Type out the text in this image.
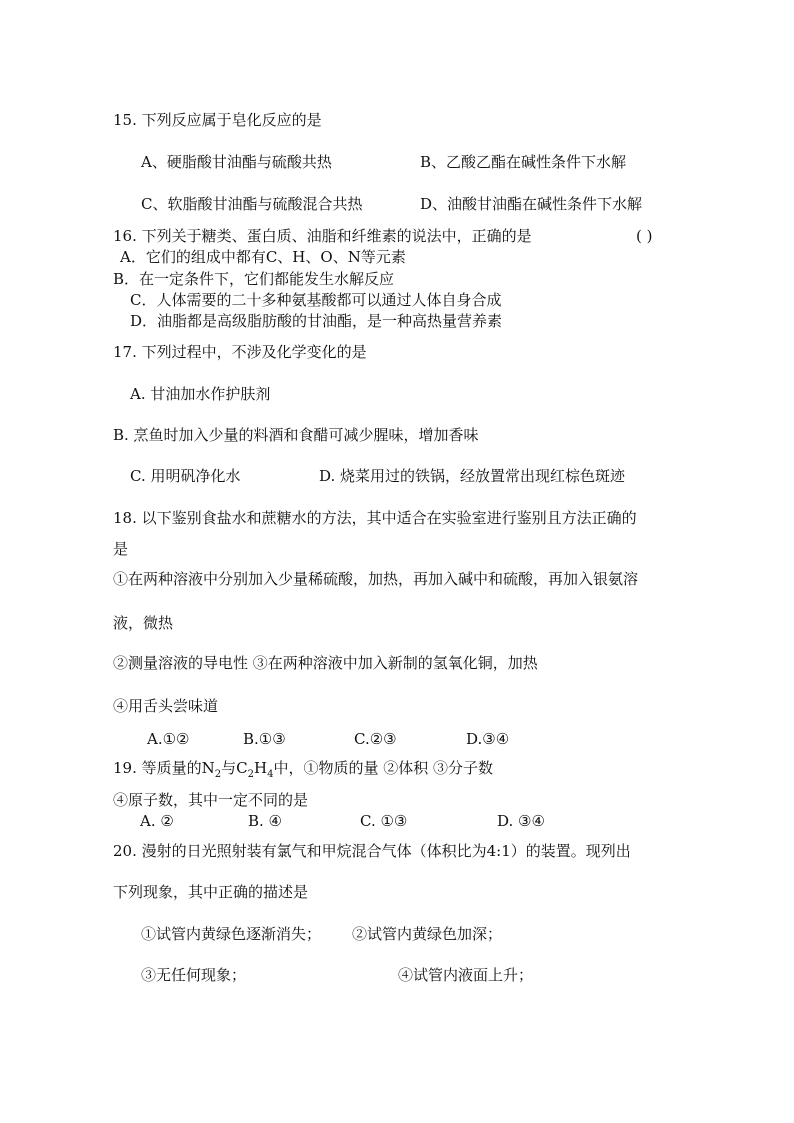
15. 下列反应属于皂化反应的是
A、硬脂酸甘油酯与硫酸共热	B、乙酸乙酯在碱性条件下水解
C、软脂酸甘油酯与硫酸混合共热	D、油酸甘油酯在碱性条件下水解
16. 下列关于糖类、蛋白质、油脂和纤维素的说法中，正确的是	( )
A．它们的组成中都有C、H、O、N等元素
B．在一定条件下，它们都能发生水解反应
C．人体需要的二十多种氨基酸都可以通过人体自身合成
D．油脂都是高级脂肪酸的甘油酯，是一种高热量营养素
17. 下列过程中，不涉及化学变化的是
A. 甘油加水作护肤剂
B. 烹鱼时加入少量的料酒和食醋可减少腥味，增加香味
C. 用明矾净化水	D. 烧菜用过的铁锅，经放置常出现红棕色斑迹
18. 以下鉴别食盐水和蔗糖水的方法，其中适合在实验室进行鉴别且方法正确的
是
①在两种溶液中分别加入少量稀硫酸，加热，再加入碱中和硫酸，再加入银氨溶
液，微热
②测量溶液的导电性 ③在两种溶液中加入新制的氢氧化铜，加热
④用舌头尝味道
A.①②	B.①③	C.②③	D.③④
19. 等质量的$N_2$与$C_2H_4$中，①物质的量 ②体积 ③分子数
④原子数，其中一定不同的是
A. ②	B. ④	C. ①③	D. ③④
20. 漫射的日光照射装有氯气和甲烷混合气体（体积比为4:1）的装置。现列出
下列现象，其中正确的描述是
①试管内黄绿色逐渐消失； ②试管内黄绿色加深；
③无任何现象；	④试管内液面上升；
